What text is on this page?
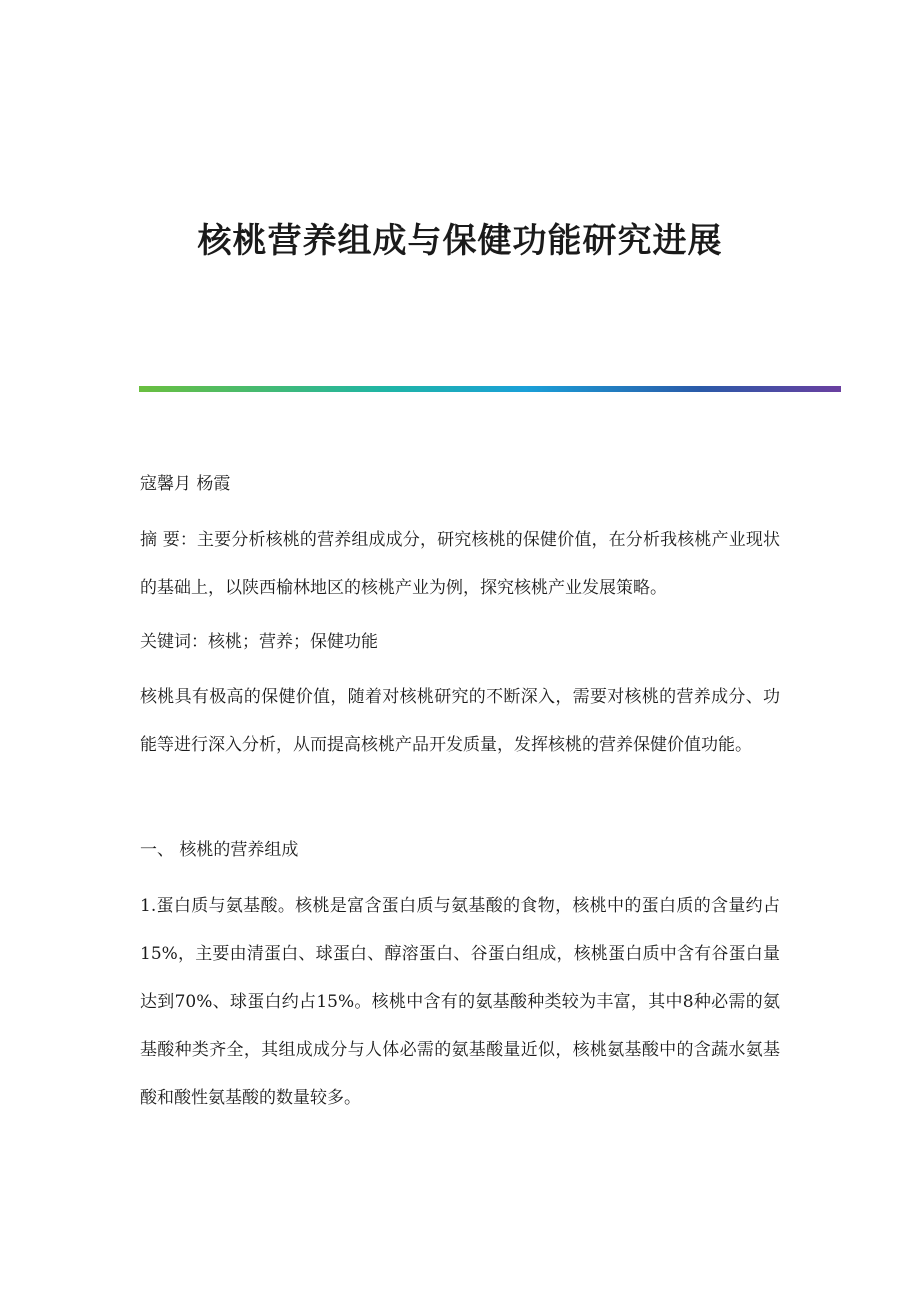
核桃营养组成与保健功能研究进展

寇馨月 杨霞

摘 要：主要分析核桃的营养组成成分，研究核桃的保健价值，在分析我核桃产业现状的基础上，以陕西榆林地区的核桃产业为例，探究核桃产业发展策略。

关键词：核桃；营养；保健功能

核桃具有极高的保健价值，随着对核桃研究的不断深入，需要对核桃的营养成分、功能等进行深入分析，从而提高核桃产品开发质量，发挥核桃的营养保健价值功能。

一、 核桃的营养组成

1.蛋白质与氨基酸。核桃是富含蛋白质与氨基酸的食物，核桃中的蛋白质的含量约占15%，主要由清蛋白、球蛋白、醇溶蛋白、谷蛋白组成，核桃蛋白质中含有谷蛋白量达到70%、球蛋白约占15%。核桃中含有的氨基酸种类较为丰富，其中8种必需的氨基酸种类齐全，其组成成分与人体必需的氨基酸量近似，核桃氨基酸中的含蔬水氨基酸和酸性氨基酸的数量较多。
